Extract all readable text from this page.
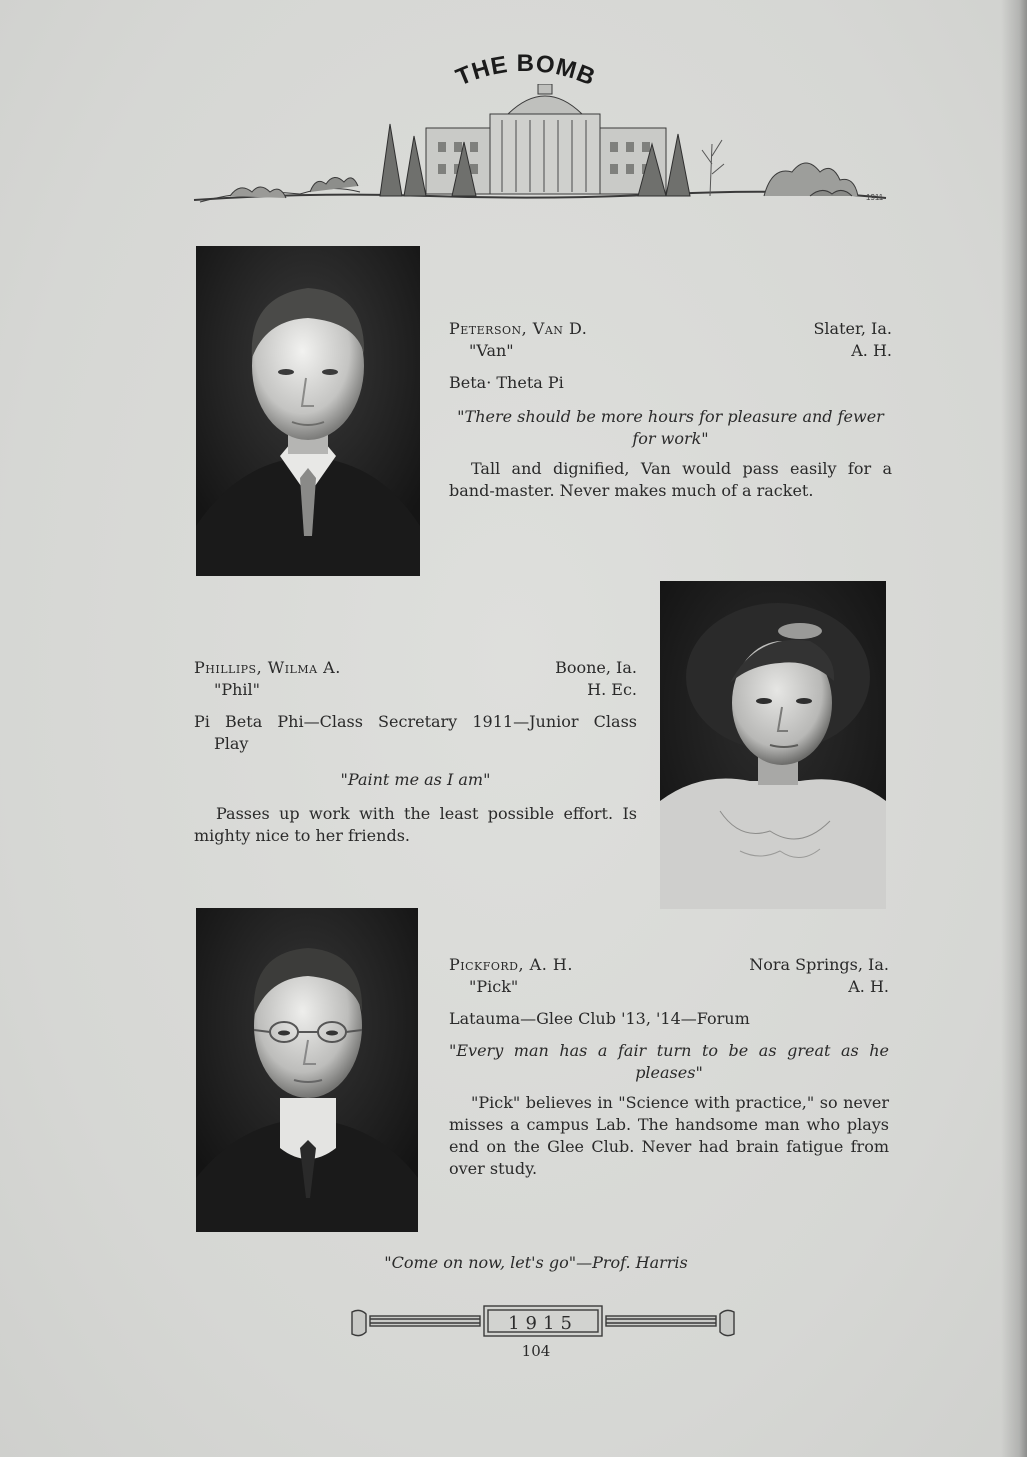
THE BOMB
1911
Peterson, Van D.	Slater, Ia.
"Van"	A. H.
Beta· Theta Pi
"There should be more hours for pleasure and fewer
for work"
Tall and dignified, Van would pass easily for a band-master. Never makes much of a racket.
Phillips, Wilma A.	Boone, Ia.
"Phil"	H. Ec.
Pi Beta Phi—Class Secretary 1911—Junior Class
Play
"Paint me as I am"
Passes up work with the least possible effort. Is mighty nice to her friends.
Pickford, A. H.	Nora Springs, Ia.
"Pick"	A. H.
Latauma—Glee Club '13, '14—Forum
"Every man has a fair turn to be as great as he
pleases"
"Pick" believes in "Science with practice," so never misses a campus Lab. The handsome man who plays end on the Glee Club. Never had brain fatigue from over study.
"Come on now, let's go"—Prof. Harris
1915
104
